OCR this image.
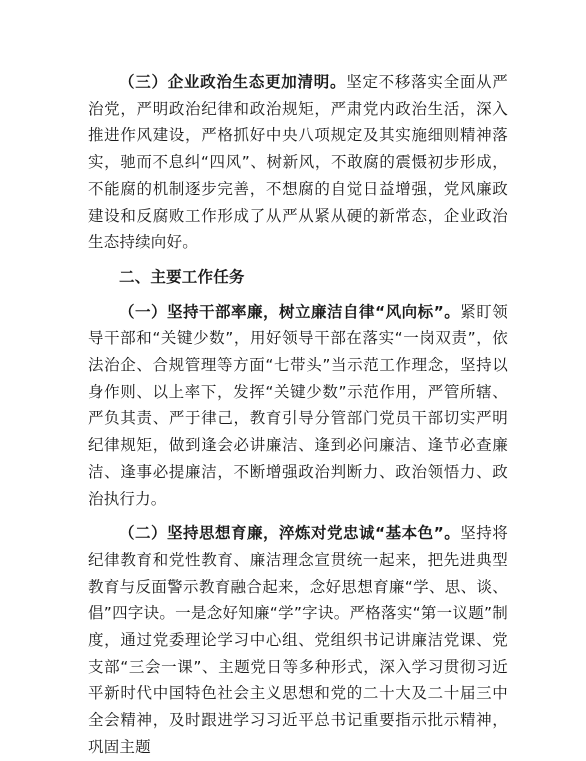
（三）企业政治生态更加清明。坚定不移落实全面从严治党，严明政治纪律和政治规矩，严肃党内政治生活，深入推进作风建设，严格抓好中央八项规定及其实施细则精神落实，驰而不息纠“四风”、树新风，不敢腐的震慑初步形成，不能腐的机制逐步完善，不想腐的自觉日益增强，党风廉政建设和反腐败工作形成了从严从紧从硬的新常态，企业政治生态持续向好。

二、主要工作任务

（一）坚持干部率廉，树立廉洁自律“风向标”。紧盯领导干部和“关键少数”，用好领导干部在落实“一岗双责”，依法治企、合规管理等方面“七带头”当示范工作理念，坚持以身作则、以上率下，发挥“关键少数”示范作用，严管所辖、严负其责、严于律己，教育引导分管部门党员干部切实严明纪律规矩，做到逢会必讲廉洁、逢到必问廉洁、逢节必查廉洁、逢事必提廉洁，不断增强政治判断力、政治领悟力、政治执行力。

（二）坚持思想育廉，淬炼对党忠诚“基本色”。坚持将纪律教育和党性教育、廉洁理念宣贯统一起来，把先进典型教育与反面警示教育融合起来，念好思想育廉“学、思、谈、倡”四字诀。一是念好知廉“学”字诀。严格落实“第一议题”制度，通过党委理论学习中心组、党组织书记讲廉洁党课、党支部“三会一课”、主题党日等多种形式，深入学习贯彻习近平新时代中国特色社会主义思想和党的二十大及二十届三中全会精神，及时跟进学习习近平总书记重要指示批示精神，巩固主题
